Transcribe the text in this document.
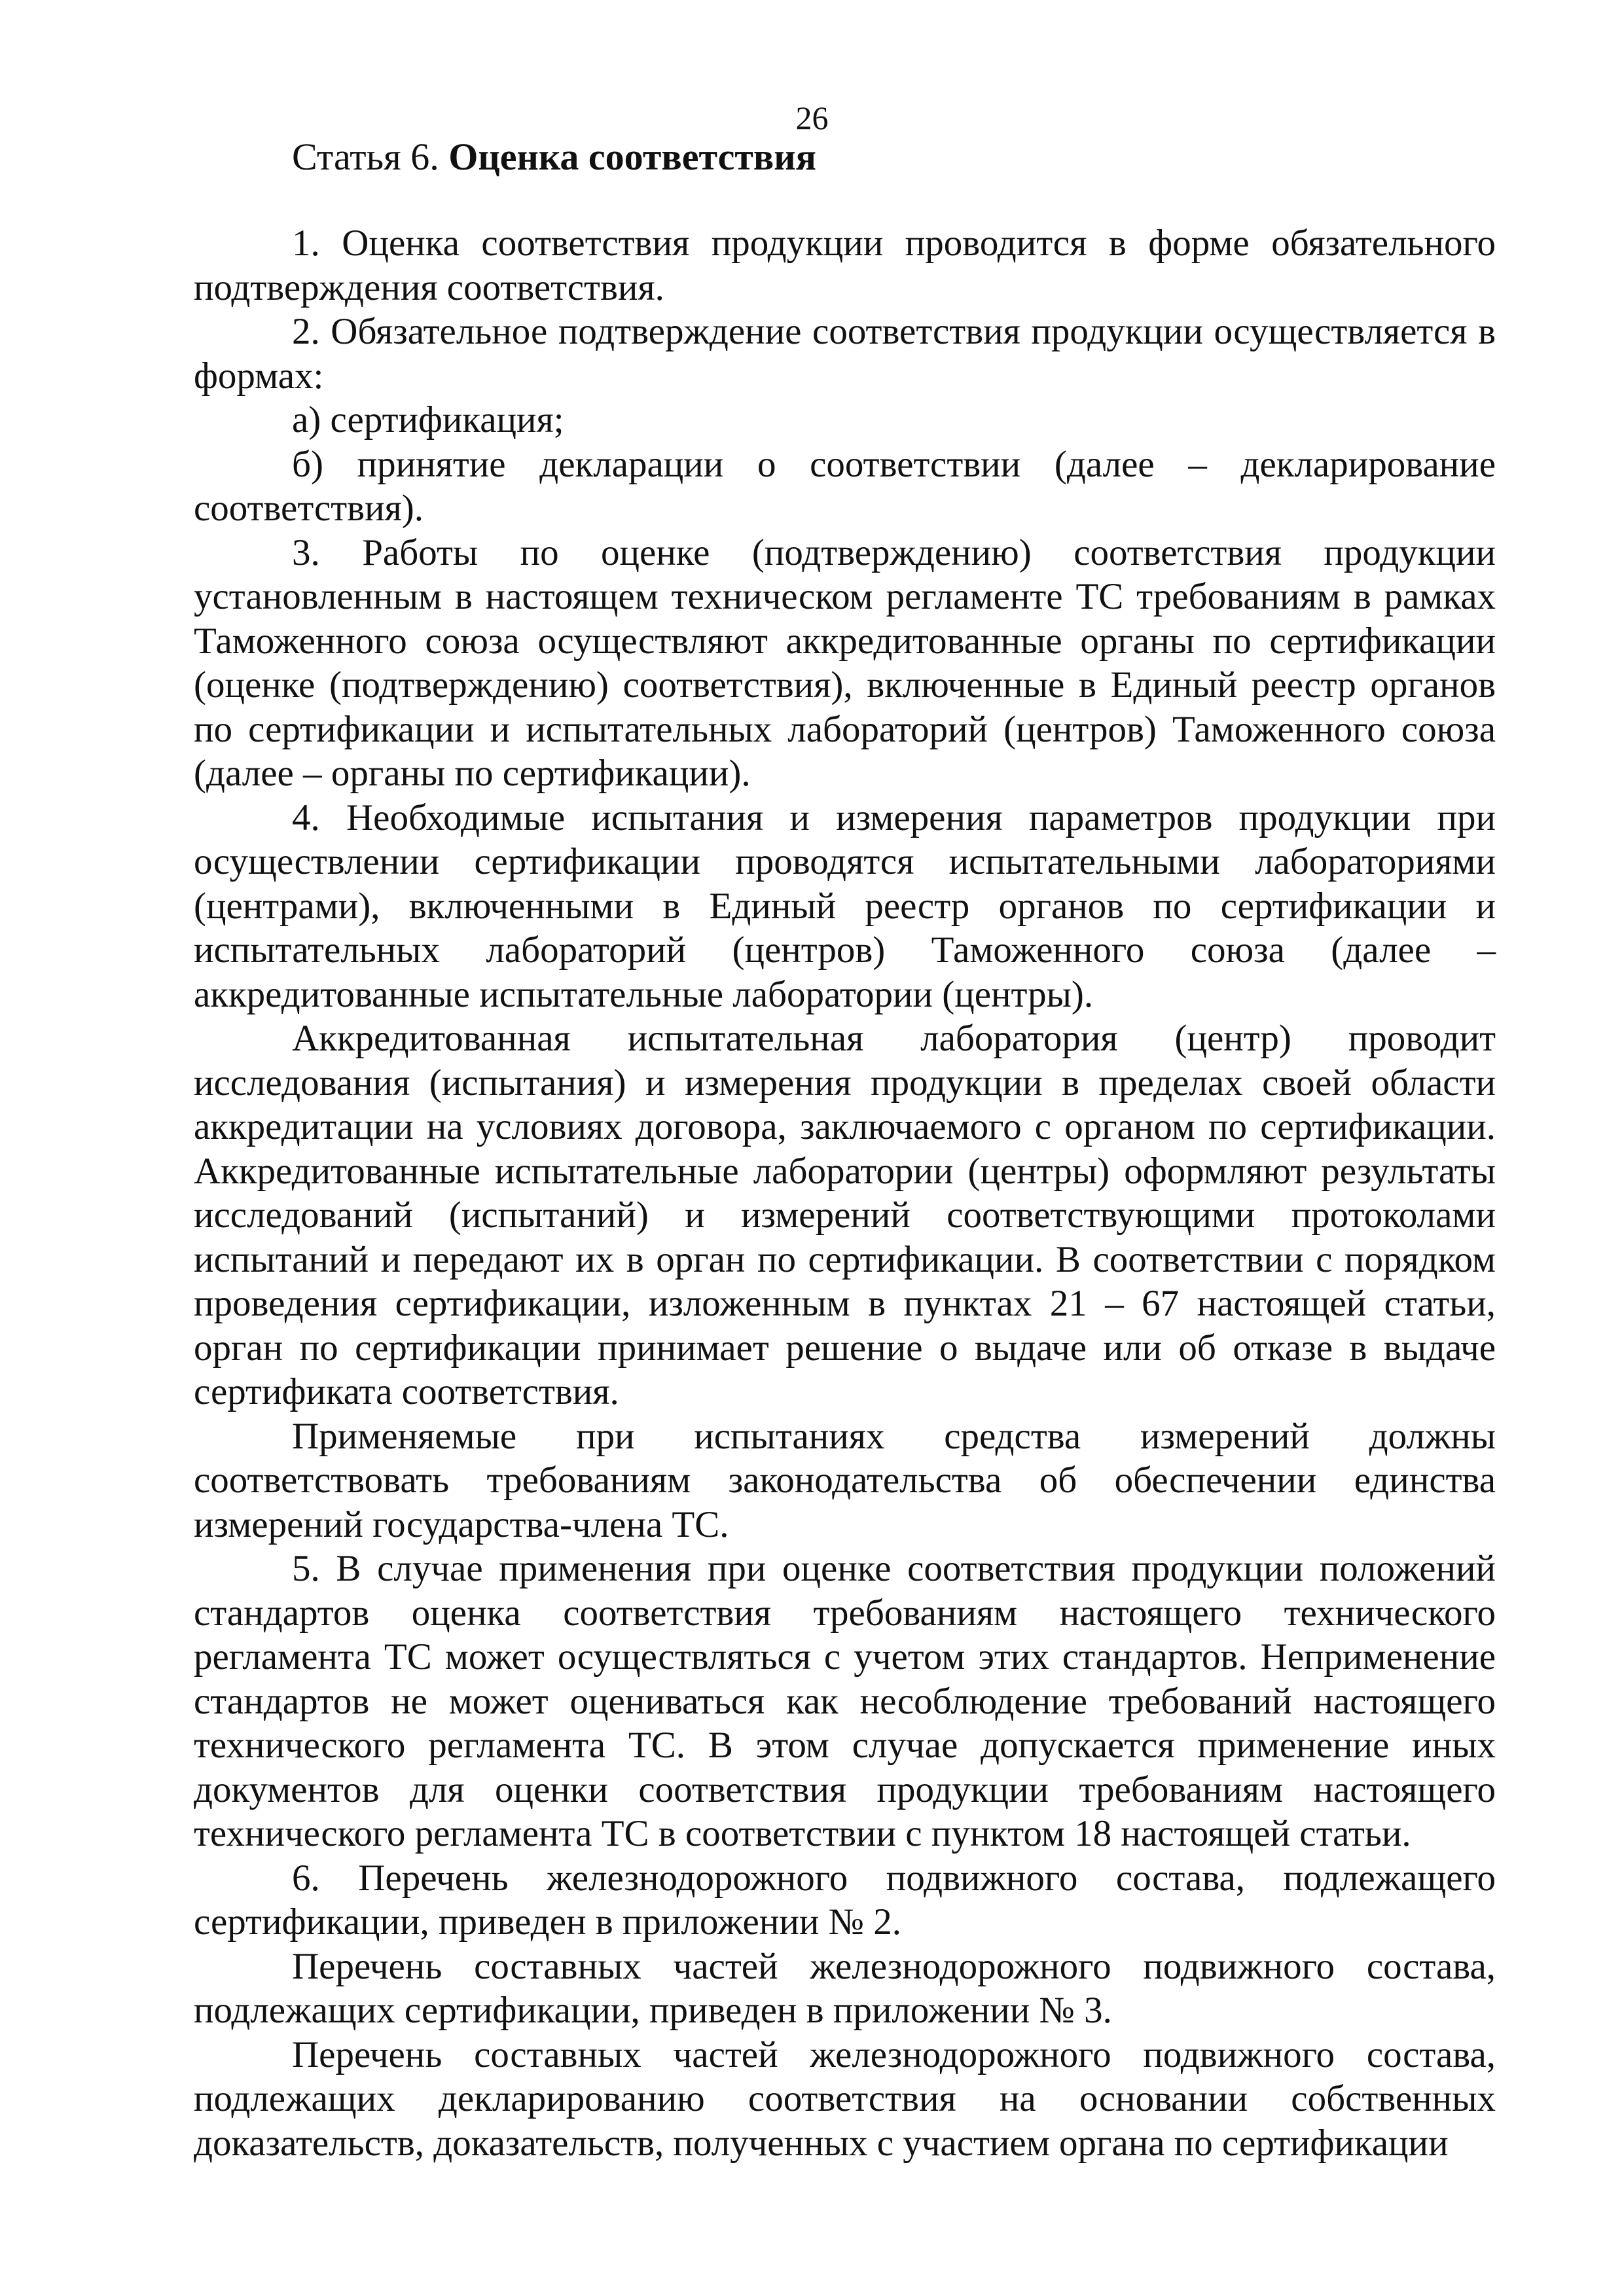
26
Статья 6. Оценка соответствия

1. Оценка соответствия продукции проводится в форме обязательного подтверждения соответствия.

2. Обязательное подтверждение соответствия продукции осуществляется в формах:

а) сертификация;

б) принятие декларации о соответствии (далее – декларирование соответствия).

3. Работы по оценке (подтверждению) соответствия продукции установленным в настоящем техническом регламенте ТС требованиям в рамках Таможенного союза осуществляют аккредитованные органы по сертификации (оценке (подтверждению) соответствия), включенные в Единый реестр органов по сертификации и испытательных лабораторий (центров) Таможенного союза (далее – органы по сертификации).

4. Необходимые испытания и измерения параметров продукции при осуществлении сертификации проводятся испытательными лабораториями (центрами), включенными в Единый реестр органов по сертификации и испытательных лабораторий (центров) Таможенного союза (далее – аккредитованные испытательные лаборатории (центры).

Аккредитованная испытательная лаборатория (центр) проводит исследования (испытания) и измерения продукции в пределах своей области аккредитации на условиях договора, заключаемого с органом по сертификации. Аккредитованные испытательные лаборатории (центры) оформляют результаты исследований (испытаний) и измерений соответствующими протоколами испытаний и передают их в орган по сертификации. В соответствии с порядком проведения сертификации, изложенным в пунктах 21 – 67 настоящей статьи, орган по сертификации принимает решение о выдаче или об отказе в выдаче сертификата соответствия.

Применяемые при испытаниях средства измерений должны соответствовать требованиям законодательства об обеспечении единства измерений государства-члена ТС.

5. В случае применения при оценке соответствия продукции положений стандартов оценка соответствия требованиям настоящего технического регламента ТС может осуществляться с учетом этих стандартов. Неприменение стандартов не может оцениваться как несоблюдение требований настоящего технического регламента ТС. В этом случае допускается применение иных документов для оценки соответствия продукции требованиям настоящего технического регламента ТС в соответствии с пунктом 18 настоящей статьи.

6. Перечень железнодорожного подвижного состава, подлежащего сертификации, приведен в приложении № 2.

Перечень составных частей железнодорожного подвижного состава, подлежащих сертификации, приведен в приложении № 3.

Перечень составных частей железнодорожного подвижного состава, подлежащих декларированию соответствия на основании собственных доказательств, доказательств, полученных с участием органа по сертификации
